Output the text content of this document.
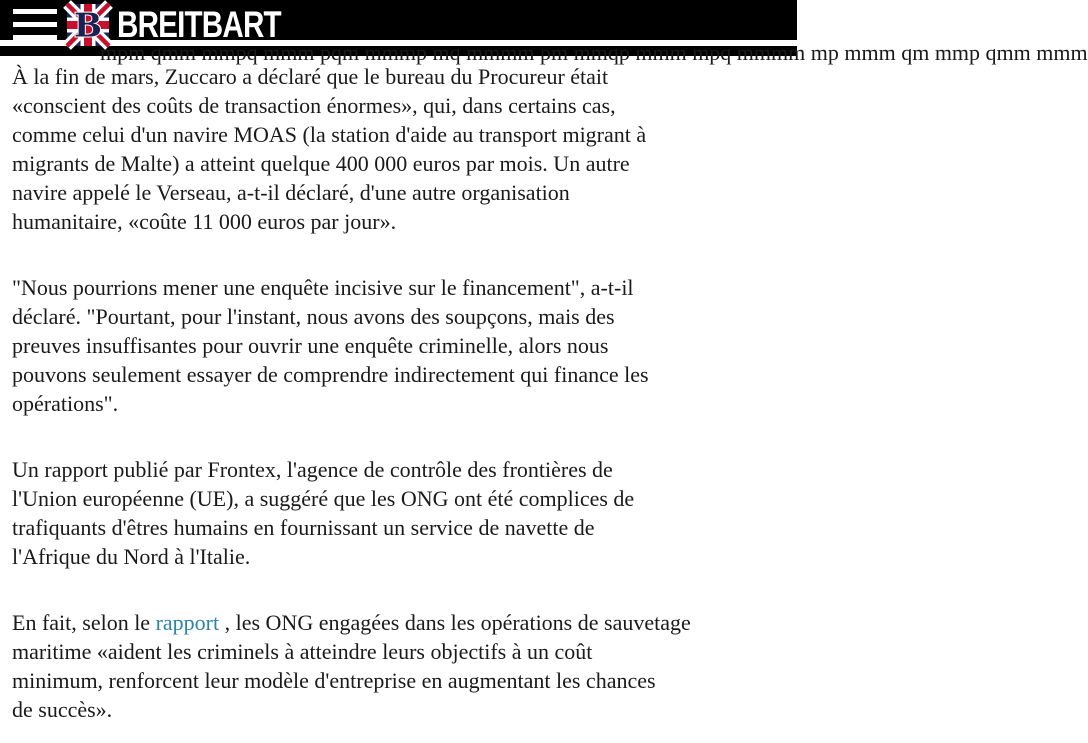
B BREITBART
mpm qmm mmpq mmm pqm mmmp mq mmmm pm mmqp mmm mpq mmmm mp mmm qm mmp qmm mmm

À la fin de mars, Zuccaro a déclaré que le bureau du Procureur était
«conscient des coûts de transaction énormes», qui, dans certains cas,
comme celui d'un navire MOAS (la station d'aide au transport migrant à
migrants de Malte) a atteint quelque 400 000 euros par mois. Un autre
navire appelé le Verseau, a-t-il déclaré, d'une autre organisation
humanitaire, «coûte 11 000 euros par jour».

"Nous pourrions mener une enquête incisive sur le financement", a-t-il
déclaré. "Pourtant, pour l'instant, nous avons des soupçons, mais des
preuves insuffisantes pour ouvrir une enquête criminelle, alors nous
pouvons seulement essayer de comprendre indirectement qui finance les
opérations".

Un rapport publié par Frontex, l'agence de contrôle des frontières de
l'Union européenne (UE), a suggéré que les ONG ont été complices de
trafiquants d'êtres humains en fournissant un service de navette de
l'Afrique du Nord à l'Italie.

En fait, selon le rapport , les ONG engagées dans les opérations de sauvetage
maritime «aident les criminels à atteindre leurs objectifs à un coût
minimum, renforcent leur modèle d'entreprise en augmentant les chances
de succès».
